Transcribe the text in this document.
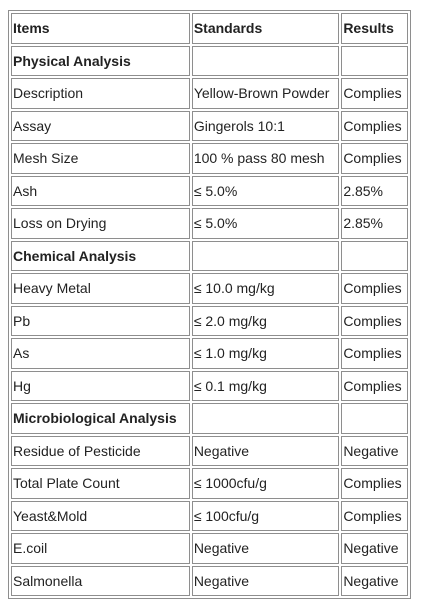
Items	Standards	Results
Physical Analysis		
Description	Yellow-Brown Powder	Complies
Assay	Gingerols 10:1	Complies
Mesh Size	100 % pass 80 mesh	Complies
Ash	≤ 5.0%	2.85%
Loss on Drying	≤ 5.0%	2.85%
Chemical Analysis		
Heavy Metal	≤ 10.0 mg/kg	Complies
Pb	≤ 2.0 mg/kg	Complies
As	≤ 1.0 mg/kg	Complies
Hg	≤ 0.1 mg/kg	Complies
Microbiological Analysis		
Residue of Pesticide	Negative	Negative
Total Plate Count	≤ 1000cfu/g	Complies
Yeast&Mold	≤ 100cfu/g	Complies
E.coil	Negative	Negative
Salmonella	Negative	Negative
